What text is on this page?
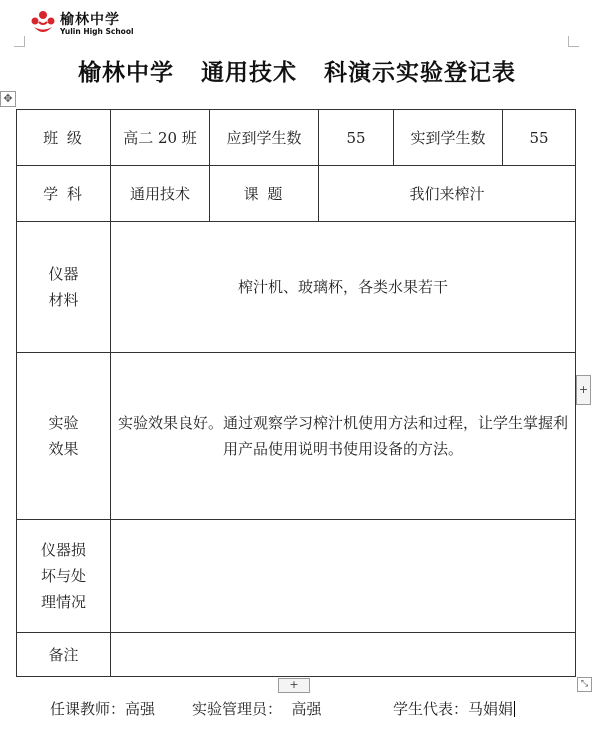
榆林中学
Yulin High School
榆林中学   通用技术   科演示实验登记表
✥
班 级	高二 20 班	应到学生数	55	实到学生数	55
学 科	通用技术	课 题	我们来榨汁		

仪器
材料	榨汁机、玻璃杯，各类水果若干				

实验
效果	实验效果良好。通过观察学习榨汁机使用方法和过程，让学生掌握利用产品使用说明书使用设备的方法。				

仪器损
坏与处
理情况					

备注					
+
+	⤡
任课教师：高强 实验管理员：  高强	学生代表：马娟娟
